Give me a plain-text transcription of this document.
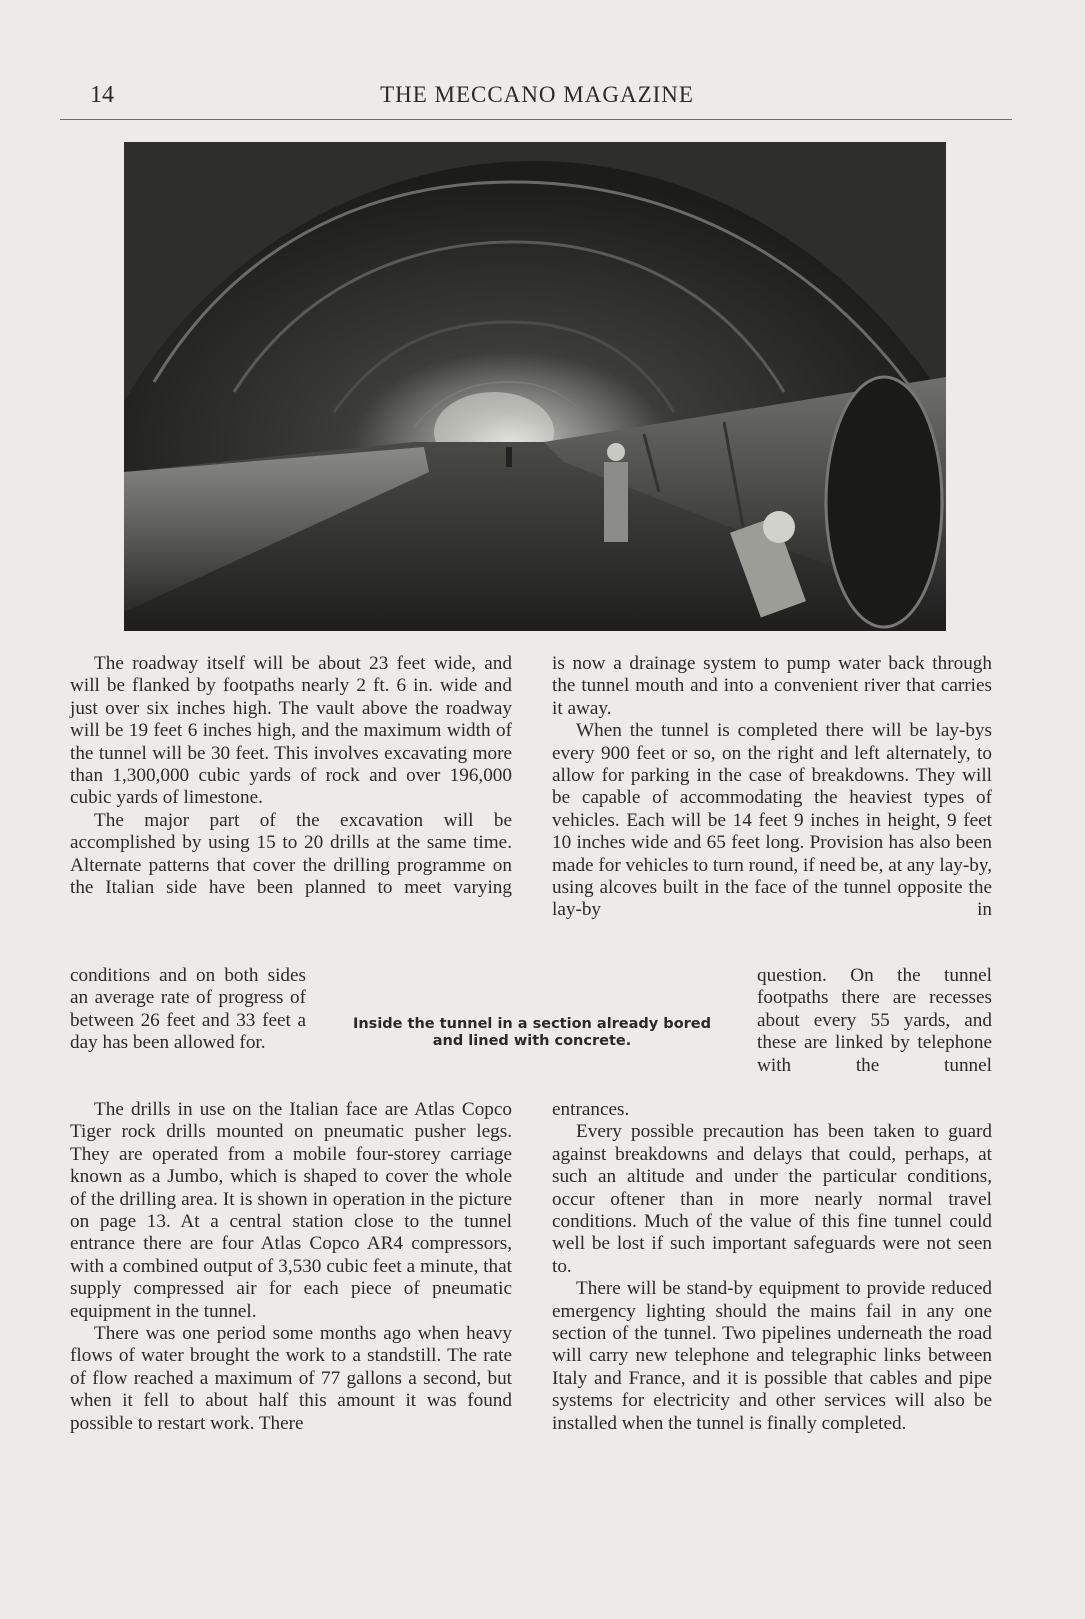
14	THE MECCANO MAGAZINE

The roadway itself will be about 23 feet wide, and will be flanked by footpaths nearly 2 ft. 6 in. wide and just over six inches high. The vault above the roadway will be 19 feet 6 inches high, and the maximum width of the tunnel will be 30 feet. This involves excavating more than 1,300,000 cubic yards of rock and over 196,000 cubic yards of limestone.

The major part of the excavation will be accomplished by using 15 to 20 drills at the same time. Alternate patterns that cover the drilling programme on the Italian side have been planned to meet varying

conditions and on both sides an average rate of progress of between 26 feet and 33 feet a day has been allowed for.

The drills in use on the Italian face are Atlas Copco Tiger rock drills mounted on pneumatic pusher legs. They are operated from a mobile four-storey carriage known as a Jumbo, which is shaped to cover the whole of the drilling area. It is shown in operation in the picture on page 13. At a central station close to the tunnel entrance there are four Atlas Copco AR4 compressors, with a combined output of 3,530 cubic feet a minute, that supply compressed air for each piece of pneumatic equipment in the tunnel.

There was one period some months ago when heavy flows of water brought the work to a standstill. The rate of flow reached a maximum of 77 gallons a second, but when it fell to about half this amount it was found possible to restart work. There

Inside the tunnel in a section already bored and lined with concrete.

is now a drainage system to pump water back through the tunnel mouth and into a convenient river that carries it away.

When the tunnel is completed there will be lay-bys every 900 feet or so, on the right and left alternately, to allow for parking in the case of breakdowns. They will be capable of accommodating the heaviest types of vehicles. Each will be 14 feet 9 inches in height, 9 feet 10 inches wide and 65 feet long. Provision has also been made for vehicles to turn round, if need be, at any lay-by, using alcoves built in the face of the tunnel opposite the lay-by in

question. On the tunnel footpaths there are recesses about every 55 yards, and these are linked by telephone with the tunnel

entrances.

Every possible precaution has been taken to guard against breakdowns and delays that could, perhaps, at such an altitude and under the particular conditions, occur oftener than in more nearly normal travel conditions. Much of the value of this fine tunnel could well be lost if such important safeguards were not seen to.

There will be stand-by equipment to provide reduced emergency lighting should the mains fail in any one section of the tunnel. Two pipelines underneath the road will carry new telephone and telegraphic links between Italy and France, and it is possible that cables and pipe systems for electricity and other services will also be installed when the tunnel is finally completed.
